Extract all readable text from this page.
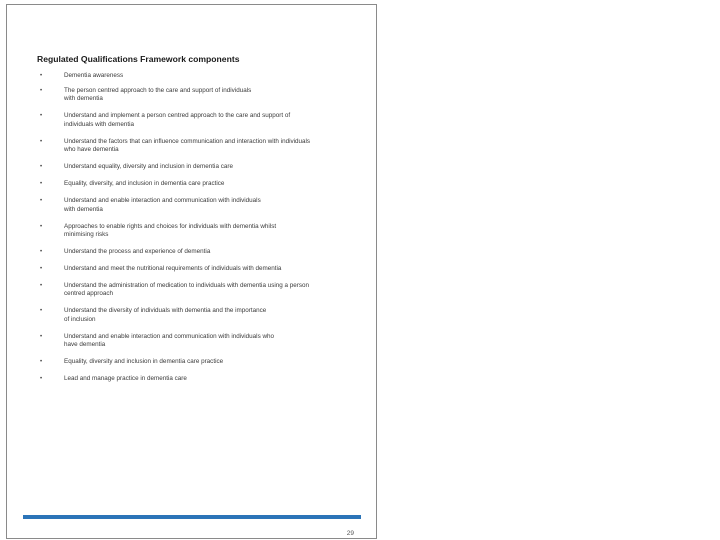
Regulated Qualifications Framework components
Dementia awareness
The person centred approach to the care and support of individuals
with dementia
Understand and implement a person centred approach to the care and support of
individuals with dementia
Understand the factors that can influence communication and interaction with individuals
who have dementia
Understand equality, diversity and inclusion in dementia care
Equality, diversity, and inclusion in dementia care practice
Understand and enable interaction and communication with individuals
with dementia
Approaches to enable rights and choices for individuals with dementia whilst
minimising risks
Understand the process and experience of dementia
Understand and meet the nutritional requirements of individuals with dementia
Understand the administration of medication to individuals with dementia using a person
centred approach
Understand the diversity of individuals with dementia and the importance
of inclusion
Understand and enable interaction and communication with individuals who
have dementia
Equality, diversity and inclusion in dementia care practice
Lead and manage practice in dementia care
29
